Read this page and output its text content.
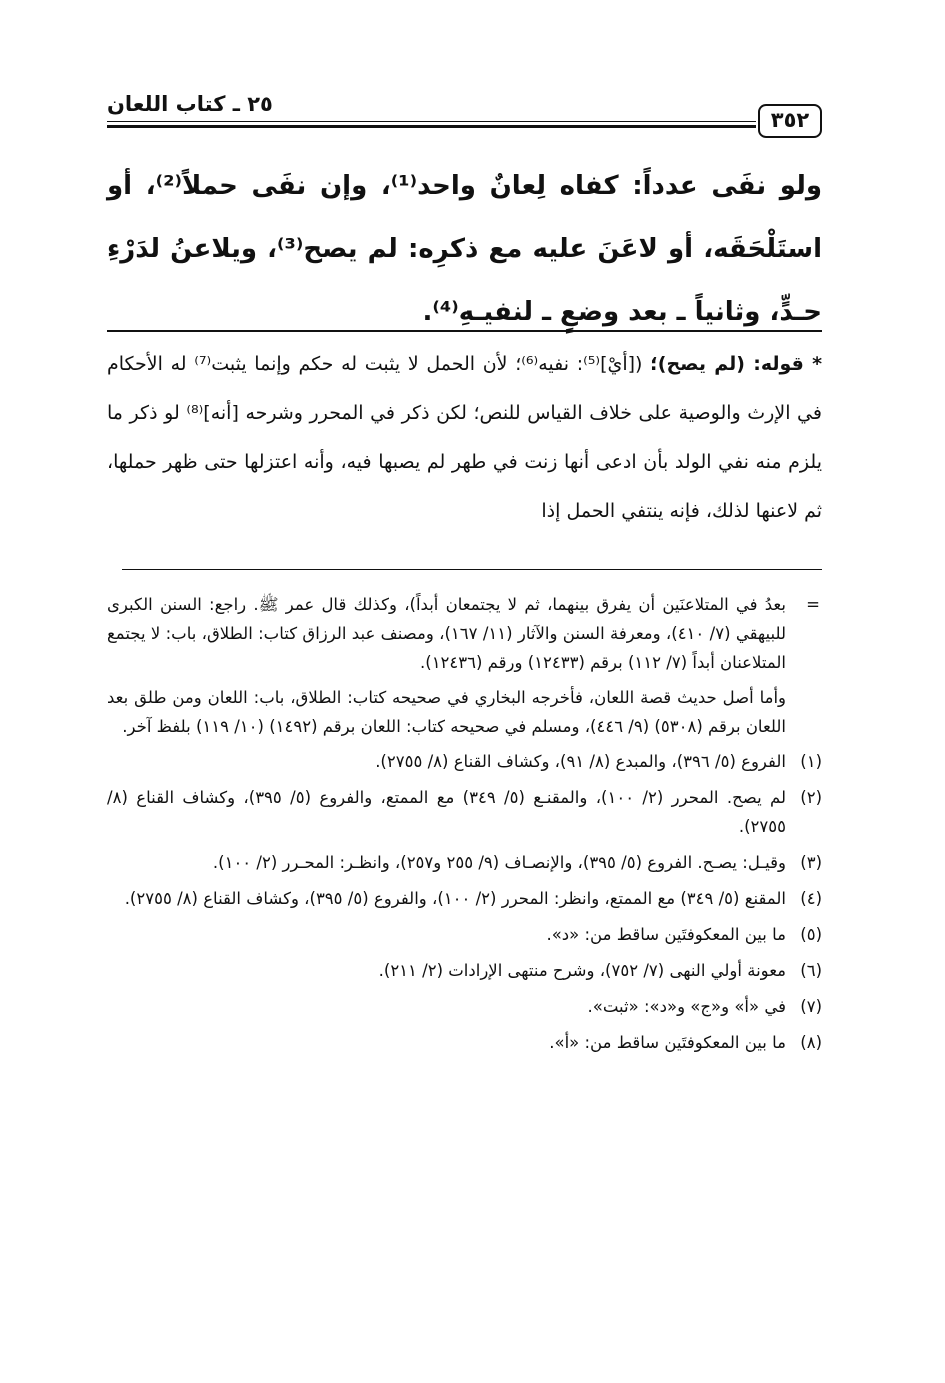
٣٥٢
٢٥ ـ كتاب اللعان
ولو نفَى عدداً: كفاه لِعانٌ واحد⁽¹⁾، وإن نفَى حملاً⁽²⁾، أو استَلْحَقَه، أو لاعَنَ عليه مع ذكرِه: لم يصح⁽³⁾، ويلاعنُ لدَرْءِ حـدٍّ، وثانياً ـ بعد وضعٍ ـ لنفيـهِ⁽⁴⁾.
* قوله: (لم يصح)؛ ([أيْ]⁽⁵⁾: نفيه⁽⁶⁾؛ لأن الحمل لا يثبت له حكم وإنما يثبت⁽⁷⁾ له الأحكام في الإرث والوصية على خلاف القياس للنص؛ لكن ذكر في المحرر وشرحه [أنه]⁽⁸⁾ لو ذكر ما يلزم منه نفي الولد بأن ادعى أنها زنت في طهر لم يصبها فيه، وأنه اعتزلها حتى ظهر حملها، ثم لاعنها لذلك، فإنه ينتفي الحمل إذا
=

بعدُ في المتلاعنَين أن يفرق بينهما، ثم لا يجتمعان أبداً)، وكذلك قال عمر ﷺ. راجع: السنن الكبرى للبيهقي (٧/ ٤١٠)، ومعرفة السنن والآثار (١١/ ١٦٧)، ومصنف عبد الرزاق كتاب: الطلاق، باب: لا يجتمع المتلاعنان أبداً (٧/ ١١٢) برقم (١٢٤٣٣) ورقم (١٢٤٣٦).

وأما أصل حديث قصة اللعان، فأخرجه البخاري في صحيحه كتاب: الطلاق، باب: اللعان ومن طلق بعد اللعان برقم (٥٣٠٨) (٩/ ٤٤٦)، ومسلم في صحيحه كتاب: اللعان برقم (١٤٩٢) (١٠/ ١١٩) بلفظ آخر.

(١)
الفروع (٥/ ٣٩٦)، والمبدع (٨/ ٩١)، وكشاف القناع (٨/ ٢٧٥٥).
(٢)
لم يصح. المحرر (٢/ ١٠٠)، والمقنـع (٥/ ٣٤٩) مع الممتع، والفروع (٥/ ٣٩٥)، وكشاف القناع (٨/ ٢٧٥٥).
(٣)
وقيـل: يصـح. الفروع (٥/ ٣٩٥)، والإنصـاف (٩/ ٢٥٥ و٢٥٧)، وانظـر: المحـرر (٢/ ١٠٠).
(٤)
المقنع (٥/ ٣٤٩) مع الممتع، وانظر: المحرر (٢/ ١٠٠)، والفروع (٥/ ٣٩٥)، وكشاف القناع (٨/ ٢٧٥٥).
(٥)
ما بين المعكوفتَين ساقط من: «د».
(٦)
معونة أولي النهى (٧/ ٧٥٢)، وشرح منتهى الإرادات (٢/ ٢١١).
(٧)
في «أ» و«ج» و«د»: «ثبت».
(٨)
ما بين المعكوفتَين ساقط من: «أ».
